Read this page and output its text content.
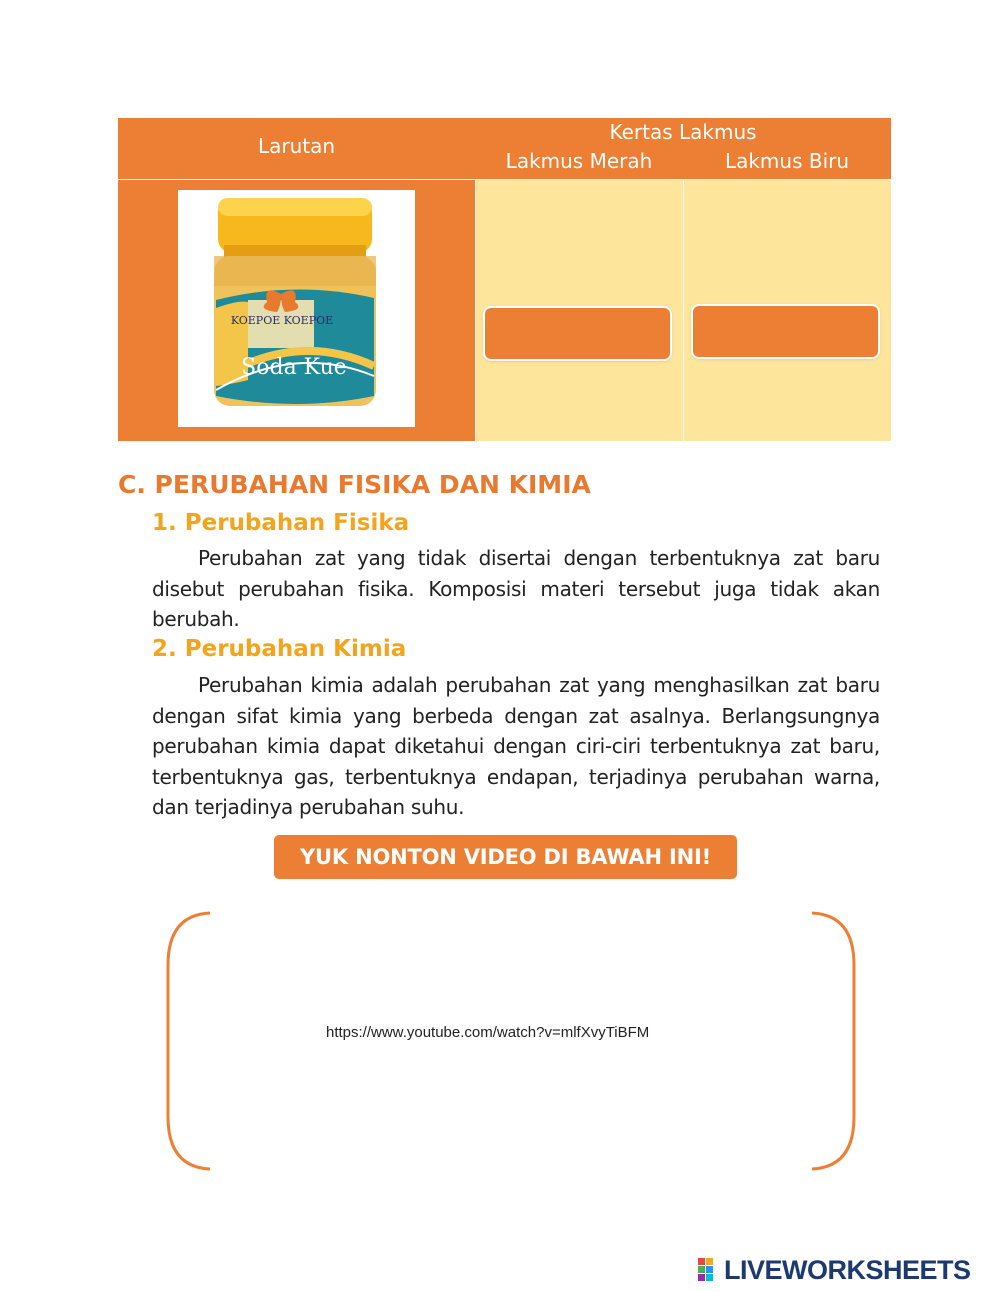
Larutan
Kertas Lakmus
Lakmus Merah	Lakmus Biru
KOEPOE KOEPOE
Soda Kue
C. PERUBAHAN FISIKA DAN KIMIA
1. Perubahan Fisika
Perubahan zat yang tidak disertai dengan terbentuknya zat baru disebut perubahan fisika. Komposisi materi tersebut juga tidak akan berubah.
2. Perubahan Kimia
Perubahan kimia adalah perubahan zat yang menghasilkan zat baru dengan sifat kimia yang berbeda dengan zat asalnya. Berlangsungnya perubahan kimia dapat diketahui dengan ciri-ciri terbentuknya zat baru, terbentuknya gas, terbentuknya endapan, terjadinya perubahan warna, dan terjadinya perubahan suhu.
YUK NONTON VIDEO DI BAWAH INI!
https://www.youtube.com/watch?v=mlfXvyTiBFM
LIVEWORKSHEETS
